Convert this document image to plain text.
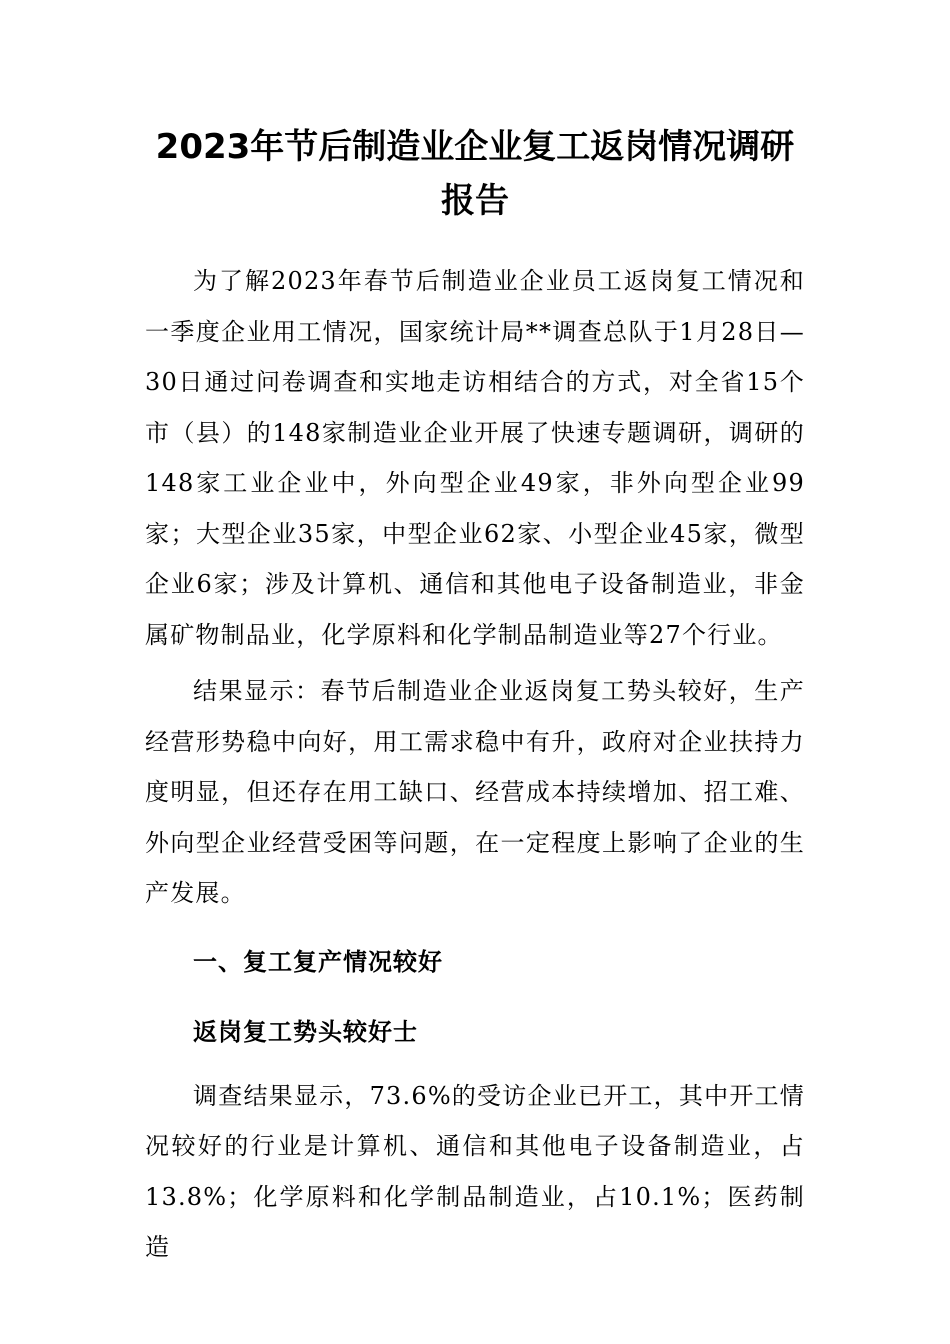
2023年节后制造业企业复工返岗情况调研
报告

为了解2023年春节后制造业企业员工返岗复工情况和一季度企业用工情况，国家统计局**调查总队于1月28日—30日通过问卷调查和实地走访相结合的方式，对全省15个市（县）的148家制造业企业开展了快速专题调研，调研的148家工业企业中，外向型企业49家，非外向型企业99家；大型企业35家，中型企业62家、小型企业45家，微型企业6家；涉及计算机、通信和其他电子设备制造业，非金属矿物制品业，化学原料和化学制品制造业等27个行业。

结果显示：春节后制造业企业返岗复工势头较好，生产经营形势稳中向好，用工需求稳中有升，政府对企业扶持力度明显，但还存在用工缺口、经营成本持续增加、招工难、外向型企业经营受困等问题，在一定程度上影响了企业的生产发展。

一、复工复产情况较好

返岗复工势头较好士

调查结果显示，73.6%的受访企业已开工，其中开工情况较好的行业是计算机、通信和其他电子设备制造业，占13.8%；化学原料和化学制品制造业，占10.1%；医药制造
